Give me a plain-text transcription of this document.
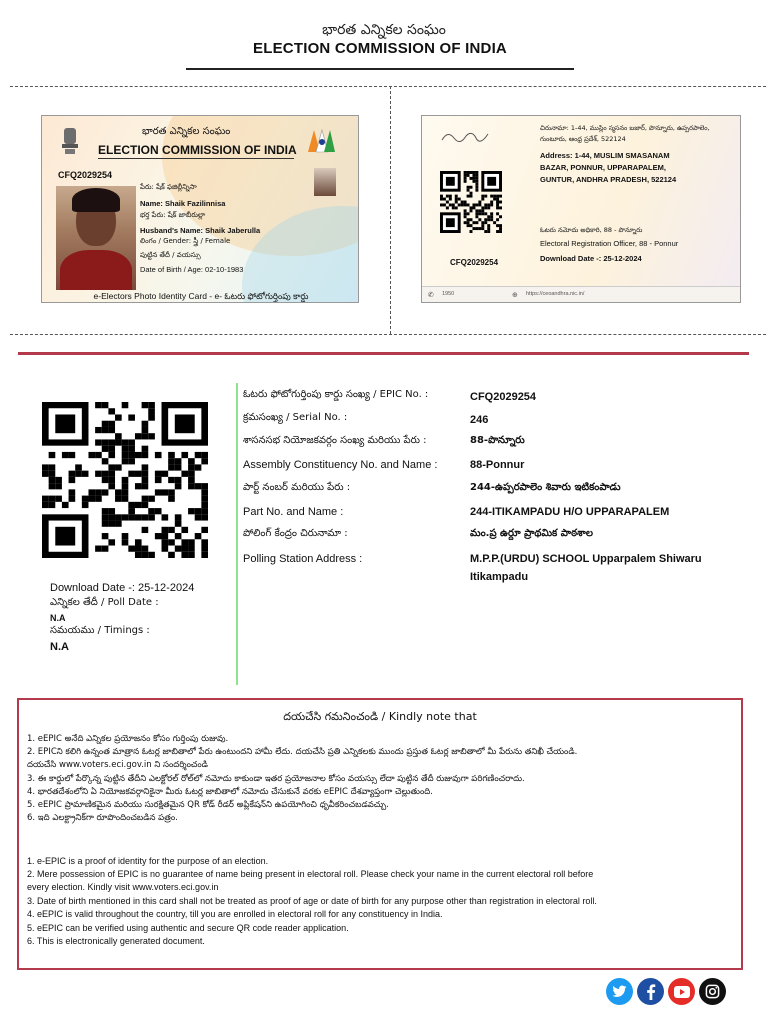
భారత ఎన్నికల సంఘం
ELECTION COMMISSION OF INDIA
భారత ఎన్నికల సంఘం
ELECTION COMMISSION OF INDIA
CFQ2029254
పేరు: షేక్ ఫజిల్లీన్నిసా
Name: Shaik Fazilinnisa
భర్త పేరు: షేక్ జాబీరుల్లా
Husband's Name: Shaik Jaberulla
లింగం / Gender: స్త్రీ / Female
పుట్టిన తేదీ / వయస్సు
Date of Birth / Age: 02-10-1983
e-Electors Photo Identity Card - e- ఓటరు ఫోటోగుర్తింపు కార్డు
చిరునామా: 1-44, ముస్లిం స్మసనం బజార్, పొన్నూరు, ఉప్పరపాలెం, గుంటూరు, ఆంధ్ర ప్రదేశ్, 522124
Address: 1-44, MUSLIM SMASANAM
BAZAR, PONNUR, UPPARAPALEM,
GUNTUR, ANDHRA PRADESH, 522124
ఓటరు నమోదు అధికారి, 88 - పొన్నూరు
Electoral Registration Officer, 88 - Ponnur
Download Date -: 25-12-2024
CFQ2029254
✆ 1950	⊕ https://ceoandhra.nic.in/
Download Date -: 25-12-2024
ఎన్నికల తేదీ / Poll Date :
N.A
సమయము / Timings :
N.A
ఓటరు ఫోటోగుర్తింపు కార్డు సంఖ్య / EPIC No. :	CFQ2029254
క్రమసంఖ్య / Serial No. :	246
శాసనసభ నియోజకవర్గం సంఖ్య మరియు పేరు :	88-పొన్నూరు
Assembly Constituency No. and Name :	88-Ponnur
పార్ట్ నంబర్ మరియు పేరు :	244-ఉప్పరపాలెం శివారు ఇటికంపాడు
Part No. and Name :	244-ITIKAMPADU H/O UPPARAPALEM
పోలింగ్ కేంద్రం చిరునామా :	మం.ప్ర ఉర్దూ ప్రాథమిక పాఠశాల
Polling Station Address :	M.P.P.(URDU) SCHOOL Upparpalem Shiwaru
Itikampadu
దయచేసి గమనించండి / Kindly note that
1. eEPIC అనేది ఎన్నికల ప్రయోజనం కోసం గుర్తింపు రుజువు.
2. EPICని కలిగి ఉన్నంత మాత్రాన ఓటర్ల జాబితాలో పేరు ఉంటుందని హామీ లేదు. దయచేసి ప్రతి ఎన్నికలకు ముందు ప్రస్తుత ఓటర్ల జాబితాలో మీ పేరును తనిఖీ చేయండి.
దయచేసి www.voters.eci.gov.in ని సందర్శించండి
3. ఈ కార్డులో పేర్కొన్న పుట్టిన తేదీని ఎలక్టోరల్ రోల్‌లో నమోదు కాకుండా ఇతర ప్రయోజనాల కోసం వయస్సు లేదా పుట్టిన తేదీ రుజువుగా పరిగణించరాదు.
4. భారతదేశంలోని ఏ నియోజకవర్గానికైనా మీరు ఓటర్ల జాబితాలో నమోదు చేసుకునే వరకు eEPIC దేశవ్యాప్తంగా చెల్లుతుంది.
5. eEPIC ప్రామాణికమైన మరియు సురక్షితమైన QR కోడ్ రీడర్ అప్లికేషన్‌ని ఉపయోగించి ధృవీకరించబడవచ్చు.
6. ఇది ఎలక్ట్రానిక్‌గా రూపొందించబడిన పత్రం.
1. e-EPIC is a proof of identity for the purpose of an election.
2. Mere possession of EPIC is no guarantee of name being present in electoral roll. Please check your name in the current electoral roll before
every election. Kindly visit www.voters.eci.gov.in
3. Date of birth mentioned in this card shall not be treated as proof of age or date of birth for any purpose other than registration in electoral roll.
4. eEPIC is valid throughout the country, till you are enrolled in electoral roll for any constituency in India.
5. eEPIC can be verified using authentic and secure QR code reader application.
6. This is electronically generated document.
